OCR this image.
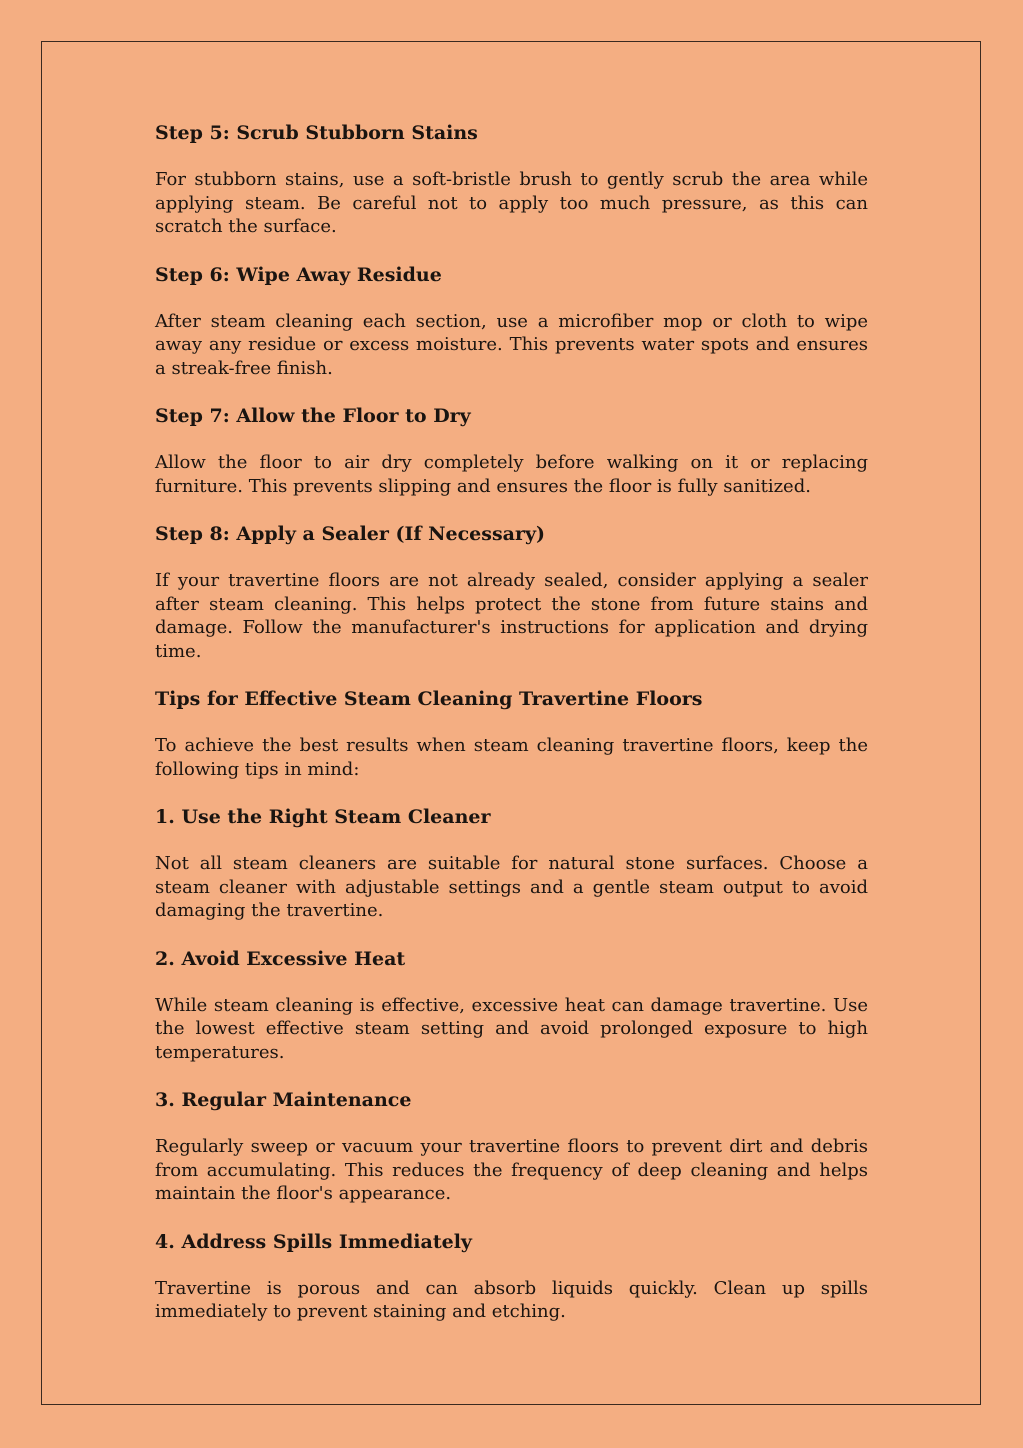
Step 5: Scrub Stubborn Stains
For stubborn stains, use a soft-bristle brush to gently scrub the area while applying steam. Be careful not to apply too much pressure, as this can scratch the surface.
Step 6: Wipe Away Residue
After steam cleaning each section, use a microfiber mop or cloth to wipe away any residue or excess moisture. This prevents water spots and ensures a streak-free finish.
Step 7: Allow the Floor to Dry
Allow the floor to air dry completely before walking on it or replacing furniture. This prevents slipping and ensures the floor is fully sanitized.
Step 8: Apply a Sealer (If Necessary)
If your travertine floors are not already sealed, consider applying a sealer after steam cleaning. This helps protect the stone from future stains and damage. Follow the manufacturer's instructions for application and drying time.
Tips for Effective Steam Cleaning Travertine Floors
To achieve the best results when steam cleaning travertine floors, keep the following tips in mind:
1. Use the Right Steam Cleaner
Not all steam cleaners are suitable for natural stone surfaces. Choose a steam cleaner with adjustable settings and a gentle steam output to avoid damaging the travertine.
2. Avoid Excessive Heat
While steam cleaning is effective, excessive heat can damage travertine. Use the lowest effective steam setting and avoid prolonged exposure to high temperatures.
3. Regular Maintenance
Regularly sweep or vacuum your travertine floors to prevent dirt and debris from accumulating. This reduces the frequency of deep cleaning and helps maintain the floor's appearance.
4. Address Spills Immediately
Travertine is porous and can absorb liquids quickly. Clean up spills immediately to prevent staining and etching.
